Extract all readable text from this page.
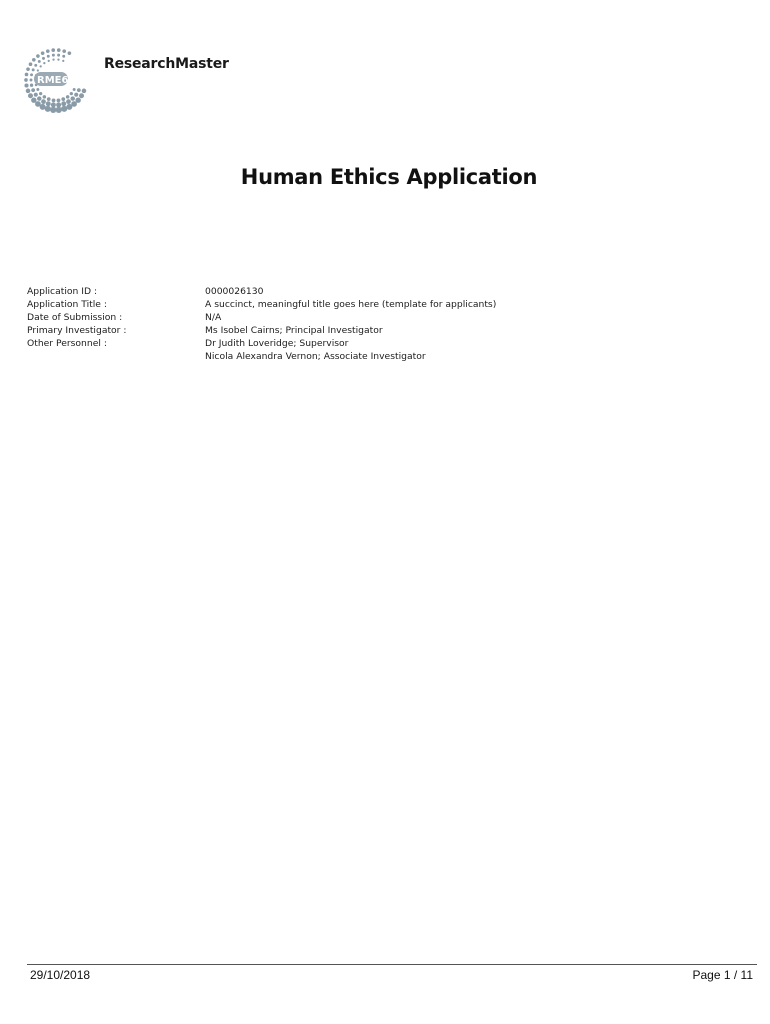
RME6
ResearchMaster
Human Ethics Application
Application ID :	0000026130
Application Title :	A succinct, meaningful title goes here (template for applicants)
Date of Submission :	N/A
Primary Investigator :	Ms Isobel Cairns; Principal Investigator
Other Personnel :	Dr Judith Loveridge; Supervisor
Nicola Alexandra Vernon; Associate Investigator
29/10/2018	Page 1 / 11
